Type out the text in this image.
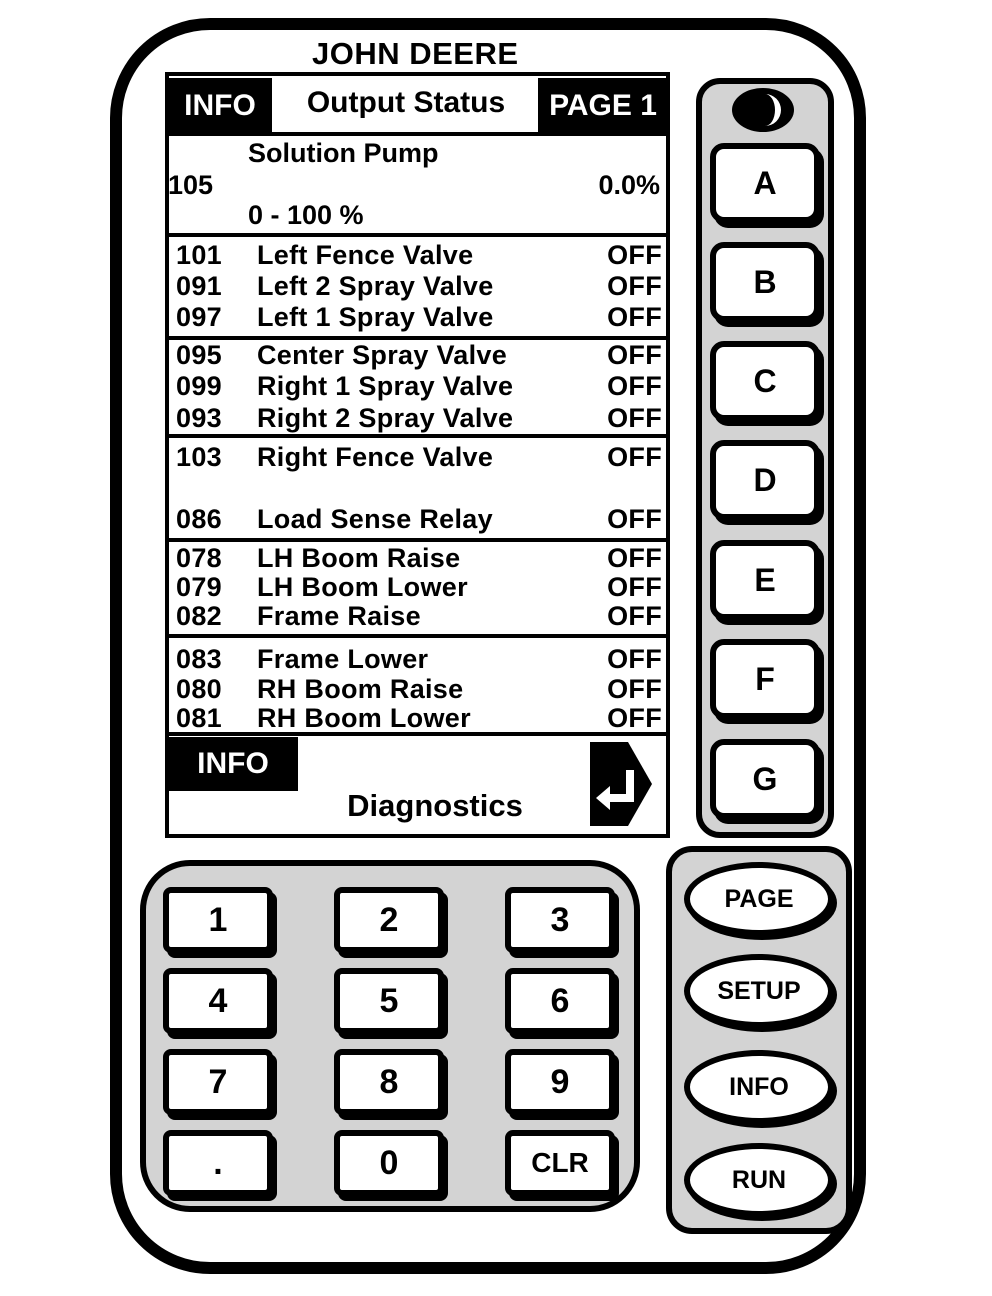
JOHN DEERE
INFO	Output Status	PAGE 1
Solution Pump
105	0.0%
0 - 100 %
101	Left Fence Valve	OFF
091	Left 2 Spray Valve	OFF
097	Left 1 Spray Valve	OFF
095	Center Spray Valve	OFF
099	Right 1 Spray Valve	OFF
093	Right 2 Spray Valve	OFF
103	Right Fence Valve	OFF
086	Load Sense Relay	OFF
078	LH Boom Raise	OFF
079	LH Boom Lower	OFF
082	Frame Raise	OFF
083	Frame Lower	OFF
080	RH Boom Raise	OFF
081	RH Boom Lower	OFF
INFO
Diagnostics
A
B
C
D
E
F
G
1	2	3
4	5	6
7	8	9
.	0	CLR
PAGE
SETUP
INFO
RUN
